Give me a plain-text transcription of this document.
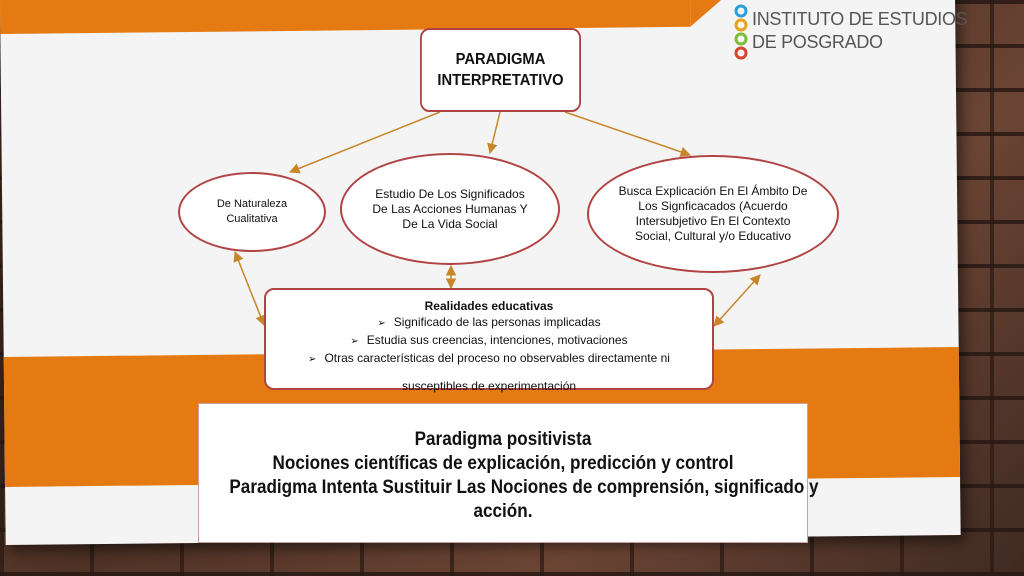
INSTITUTO DE ESTUDIOS
DE POSGRADO
PARADIGMA
INTERPRETATIVO
De Naturaleza Cualitativa
Estudio De Los Significados De Las Acciones Humanas Y De La Vida Social
Busca Explicación En El Ámbito De Los Signficacados (Acuerdo Intersubjetivo En El Contexto Social, Cultural y/o Educativo
Realidades educativas
➢ Significado de las personas implicadas
➢ Estudia sus creencias, intenciones, motivaciones
➢ Otras características del proceso no observables directamente ni
susceptibles de experimentación
Paradigma positivista
Nociones científicas de explicación, predicción y control
Paradigma Intenta Sustituir Las Nociones de comprensión, significado y
acción.
